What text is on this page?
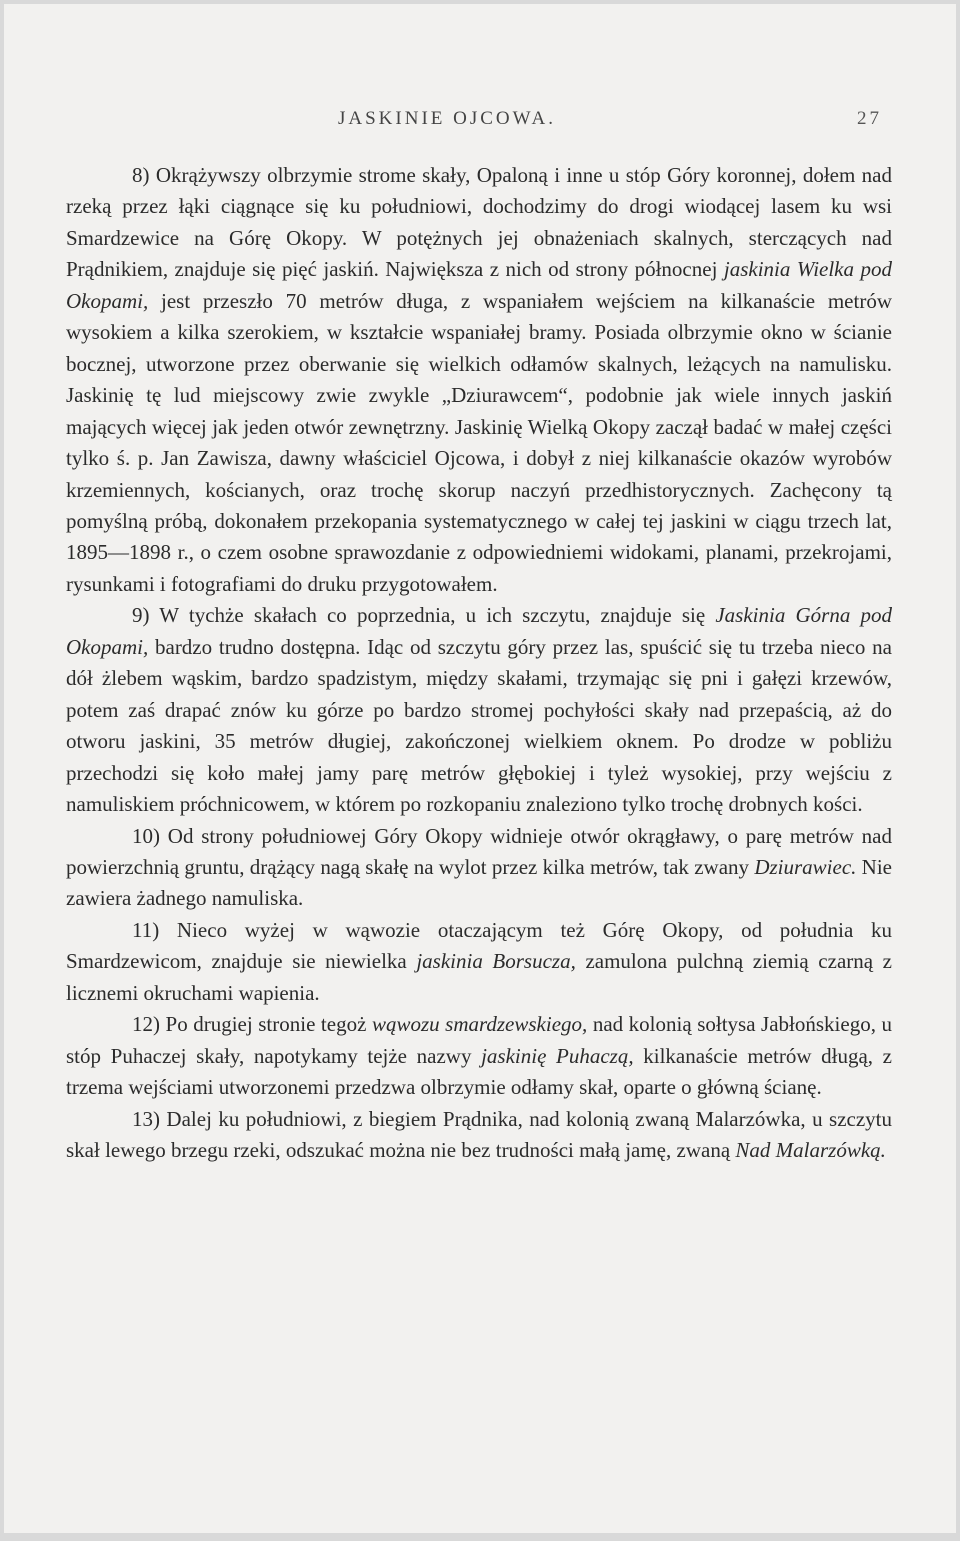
JASKINIE OJCOWA.	27

8) Okrążywszy olbrzymie strome skały, Opaloną i inne u stóp Góry koronnej, dołem nad rzeką przez łąki ciągnące się ku południowi, dochodzimy do drogi wiodącej lasem ku wsi Smardzewice na Górę Okopy. W potężnych jej obnażeniach skalnych, sterczących nad Prądnikiem, znajduje się pięć jaskiń. Największa z nich od strony północnej jaskinia Wielka pod Okopami, jest przeszło 70 metrów długa, z wspaniałem wejściem na kilkanaście metrów wysokiem a kilka szerokiem, w kształcie wspaniałej bramy. Posiada olbrzymie okno w ścianie bocznej, utworzone przez oberwanie się wielkich odłamów skalnych, leżących na namulisku. Jaskinię tę lud miejscowy zwie zwykle „Dziurawcem“, podobnie jak wiele innych jaskiń mających więcej jak jeden otwór zewnętrzny. Jaskinię Wielką Okopy zaczął badać w małej części tylko ś. p. Jan Zawisza, dawny właściciel Ojcowa, i dobył z niej kilkanaście okazów wyrobów krzemiennych, kościanych, oraz trochę skorup naczyń przedhistorycznych. Zachęcony tą pomyślną próbą, dokonałem przekopania systematycznego w całej tej jaskini w ciągu trzech lat, 1895—1898 r., o czem osobne sprawozdanie z odpowiedniemi widokami, planami, przekrojami, rysunkami i fotografiami do druku przygotowałem.

9) W tychże skałach co poprzednia, u ich szczytu, znajduje się Jaskinia Górna pod Okopami, bardzo trudno dostępna. Idąc od szczytu góry przez las, spuścić się tu trzeba nieco na dół żlebem wąskim, bardzo spadzistym, między skałami, trzymając się pni i gałęzi krzewów, potem zaś drapać znów ku górze po bardzo stromej pochyłości skały nad przepaścią, aż do otworu jaskini, 35 metrów długiej, zakończonej wielkiem oknem. Po drodze w pobliżu przechodzi się koło małej jamy parę metrów głębokiej i tyleż wysokiej, przy wejściu z namuliskiem próchnicowem, w którem po rozkopaniu znaleziono tylko trochę drobnych kości.

10) Od strony południowej Góry Okopy widnieje otwór okrągławy, o parę metrów nad powierzchnią gruntu, drążący nagą skałę na wylot przez kilka metrów, tak zwany Dziurawiec. Nie zawiera żadnego namuliska.

11) Nieco wyżej w wąwozie otaczającym też Górę Okopy, od południa ku Smardzewicom, znajduje sie niewielka jaskinia Borsucza, zamulona pulchną ziemią czarną z licznemi okruchami wapienia.

12) Po drugiej stronie tegoż wąwozu smardzewskiego, nad kolonią sołtysa Jabłońskiego, u stóp Puhaczej skały, napotykamy tejże nazwy jaskinię Puhaczą, kilkanaście metrów długą, z trzema wejściami utworzonemi przedzwa olbrzymie odłamy skał, oparte o główną ścianę.

13) Dalej ku południowi, z biegiem Prądnika, nad kolonią zwaną Malarzówka, u szczytu skał lewego brzegu rzeki, odszukać można nie bez trudności małą jamę, zwaną Nad Malarzówką.
